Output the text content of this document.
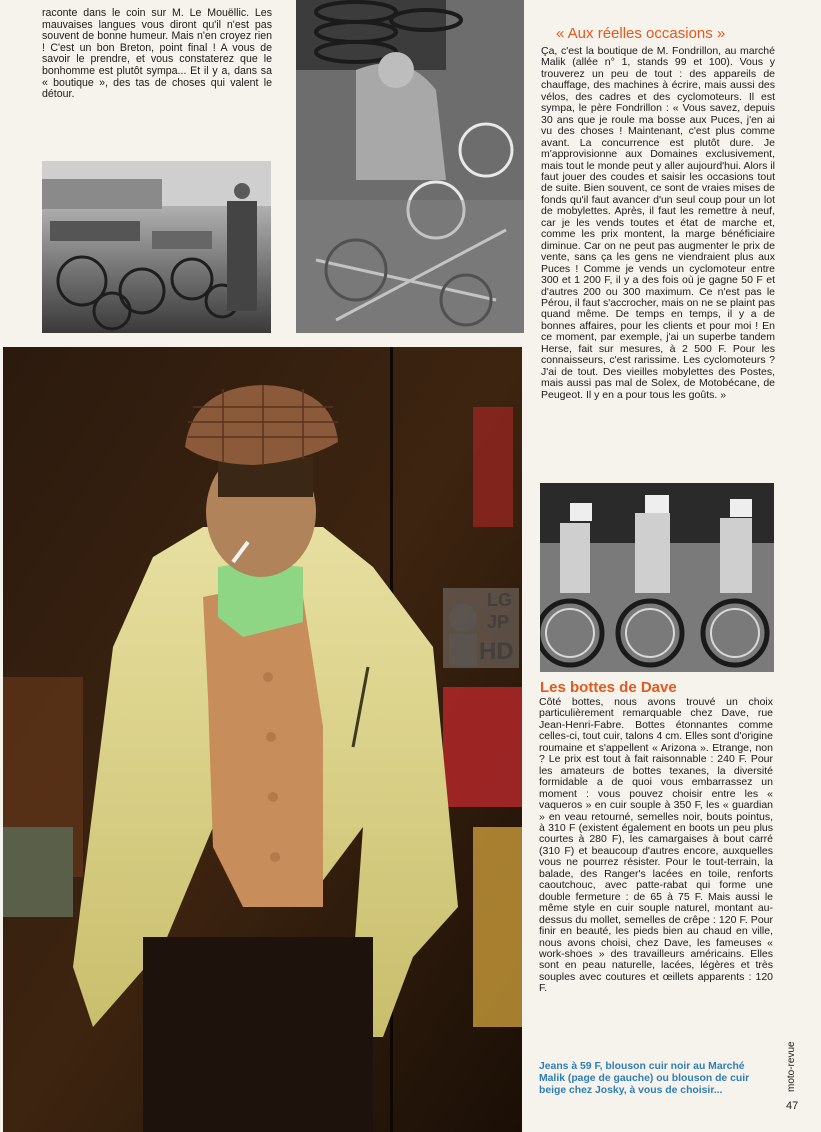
raconte dans le coin sur M. Le Mouëllic. Les mauvaises langues vous diront qu'il n'est pas souvent de bonne humeur. Mais n'en croyez rien ! C'est un bon Breton, point final ! A vous de savoir le prendre, et vous constaterez que le bonhomme est plutôt sympa... Et il y a, dans sa « boutique », des tas de choses qui valent le détour.

LG
JP
HD
« Aux réelles occasions »

Ça, c'est la boutique de M. Fondrillon, au marché Malik (allée n° 1, stands 99 et 100). Vous y trouverez un peu de tout : des appareils de chauffage, des machines à écrire, mais aussi des vélos, des cadres et des cyclomoteurs. Il est sympa, le père Fondrillon : « Vous savez, depuis 30 ans que je roule ma bosse aux Puces, j'en ai vu des choses ! Maintenant, c'est plus comme avant. La concurrence est plutôt dure. Je m'approvisionne aux Domaines exclusivement, mais tout le monde peut y aller aujourd'hui. Alors il faut jouer des coudes et saisir les occasions tout de suite. Bien souvent, ce sont de vraies mises de fonds qu'il faut avancer d'un seul coup pour un lot de mobylettes. Après, il faut les remettre à neuf, car je les vends toutes et état de marche et, comme les prix montent, la marge bénéficiaire diminue. Car on ne peut pas augmenter le prix de vente, sans ça les gens ne viendraient plus aux Puces ! Comme je vends un cyclomoteur entre 300 et 1 200 F, il y a des fois où je gagne 50 F et d'autres 200 ou 300 maximum. Ce n'est pas le Pérou, il faut s'accrocher, mais on ne se plaint pas quand même. De temps en temps, il y a de bonnes affaires, pour les clients et pour moi ! En ce moment, par exemple, j'ai un superbe tandem Herse, fait sur mesures, à 2 500 F. Pour les connaisseurs, c'est rarissime. Les cyclomoteurs ? J'ai de tout. Des vieilles mobylettes des Postes, mais aussi pas mal de Solex, de Motobécane, de Peugeot. Il y en a pour tous les goûts. »

Les bottes de Dave

Côté bottes, nous avons trouvé un choix particulièrement remarquable chez Dave, rue Jean-Henri-Fabre. Bottes étonnantes comme celles-ci, tout cuir, talons 4 cm. Elles sont d'origine roumaine et s'appellent « Arizona ». Etrange, non ? Le prix est tout à fait raisonnable : 240 F. Pour les amateurs de bottes texanes, la diversité formidable a de quoi vous embarrassez un moment : vous pouvez choisir entre les « vaqueros » en cuir souple à 350 F, les « guardian » en veau retourné, semelles noir, bouts pointus, à 310 F (existent également en boots un peu plus courtes à 280 F), les camargaises à bout carré (310 F) et beaucoup d'autres encore, auxquelles vous ne pourrez résister. Pour le tout-terrain, la balade, des Ranger's lacées en toile, renforts caoutchouc, avec patte-rabat qui forme une double fermeture : de 65 à 75 F. Mais aussi le même style en cuir souple naturel, montant au-dessus du mollet, semelles de crêpe : 120 F. Pour finir en beauté, les pieds bien au chaud en ville, nous avons choisi, chez Dave, les fameuses « work-shoes » des travailleurs américains. Elles sont en peau naturelle, lacées, légères et très souples avec coutures et œillets apparents : 120 F.

Jeans à 59 F, blouson cuir noir au Marché Malik (page de gauche) ou blouson de cuir beige chez Josky, à vous de choisir...	moto-revue
47
